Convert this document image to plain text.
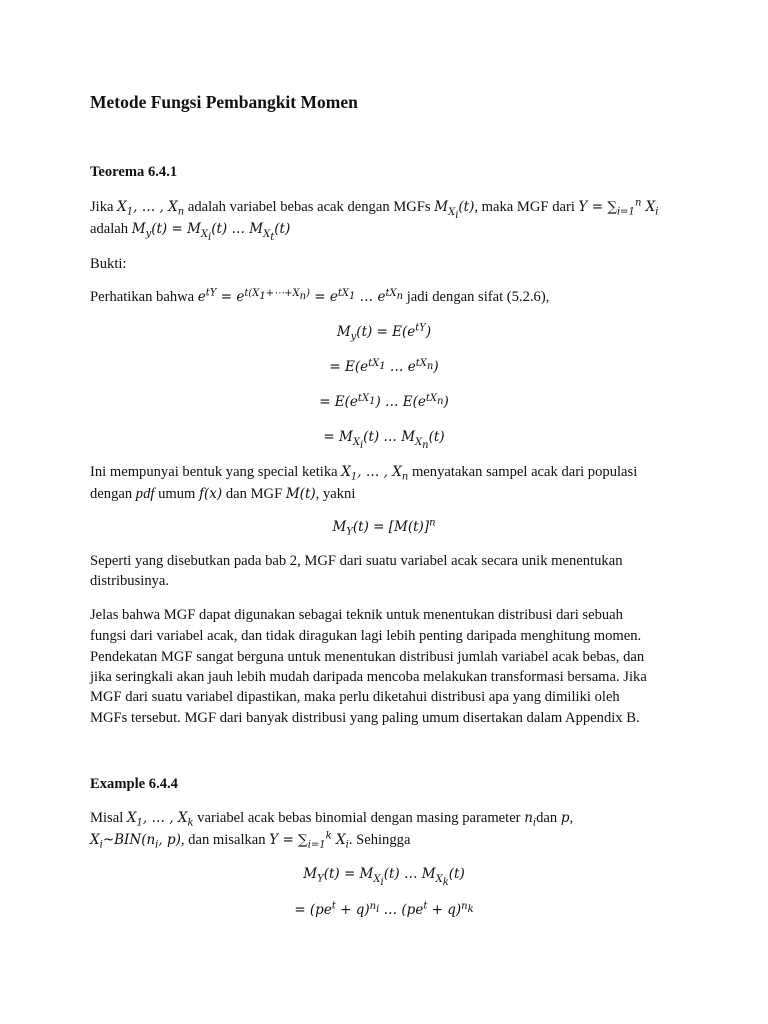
Metode Fungsi Pembangkit Momen
Teorema 6.4.1
Jika $X_1$, … , $X_n$ adalah variabel bebas acak dengan MGFs $M_{X_i}(t)$, maka MGF dari $Y = \sum_{i=1}^n$ $X_i$
adalah $M_y(t) = M_{X_i}(t)$ … $M_{X_t}(t)$
Bukti:
Perhatikan bahwa $e^{tY} = e^{t(X_1+\cdots+X_n)} = e^{tX_1}$ … $e^{tX_n}$ jadi dengan sifat (5.2.6),
$M_y(t) = E(e^{tY})$
= $E(e^{tX_1}$ … $e^{tX_n}$)
= $E(e^{tX_1})$ … $E(e^{tX_n})$
= $M_{X_i}(t)$ … $M_{X_n}(t)$
Ini mempunyai bentuk yang special ketika $X_1$, … , $X_n$ menyatakan sampel acak dari populasi
dengan pdf umum f(x) dan MGF M(t), yakni
$M_Y(t) = [M(t)]^n$
Seperti yang disebutkan pada bab 2, MGF dari suatu variabel acak secara unik menentukan
distribusinya.
Jelas bahwa MGF dapat digunakan sebagai teknik untuk menentukan distribusi dari sebuah
fungsi dari variabel acak, dan tidak diragukan lagi lebih penting daripada menghitung momen.
Pendekatan MGF sangat berguna untuk menentukan distribusi jumlah variabel acak bebas, dan
jika seringkali akan jauh lebih mudah daripada mencoba melakukan transformasi bersama. Jika
MGF dari suatu variabel dipastikan, maka perlu diketahui distribusi apa yang dimiliki oleh
MGFs tersebut. MGF dari banyak distribusi yang paling umum disertakan dalam Appendix B.
Example 6.4.4
Misal $X_1$, … , $X_k$ variabel acak bebas binomial dengan masing parameter $n_idan$ p,
$X_i\sim BIN(n_i$, p), dan misalkan $Y = \sum_{i=1}^k$ $X_i$. Sehingga
$M_Y(t) = M_{X_i}(t)$ … $M_{X_k}(t)$
= $(pe^t + q)^{n_i}$ … $(pe^t + q)^{n_k}$
